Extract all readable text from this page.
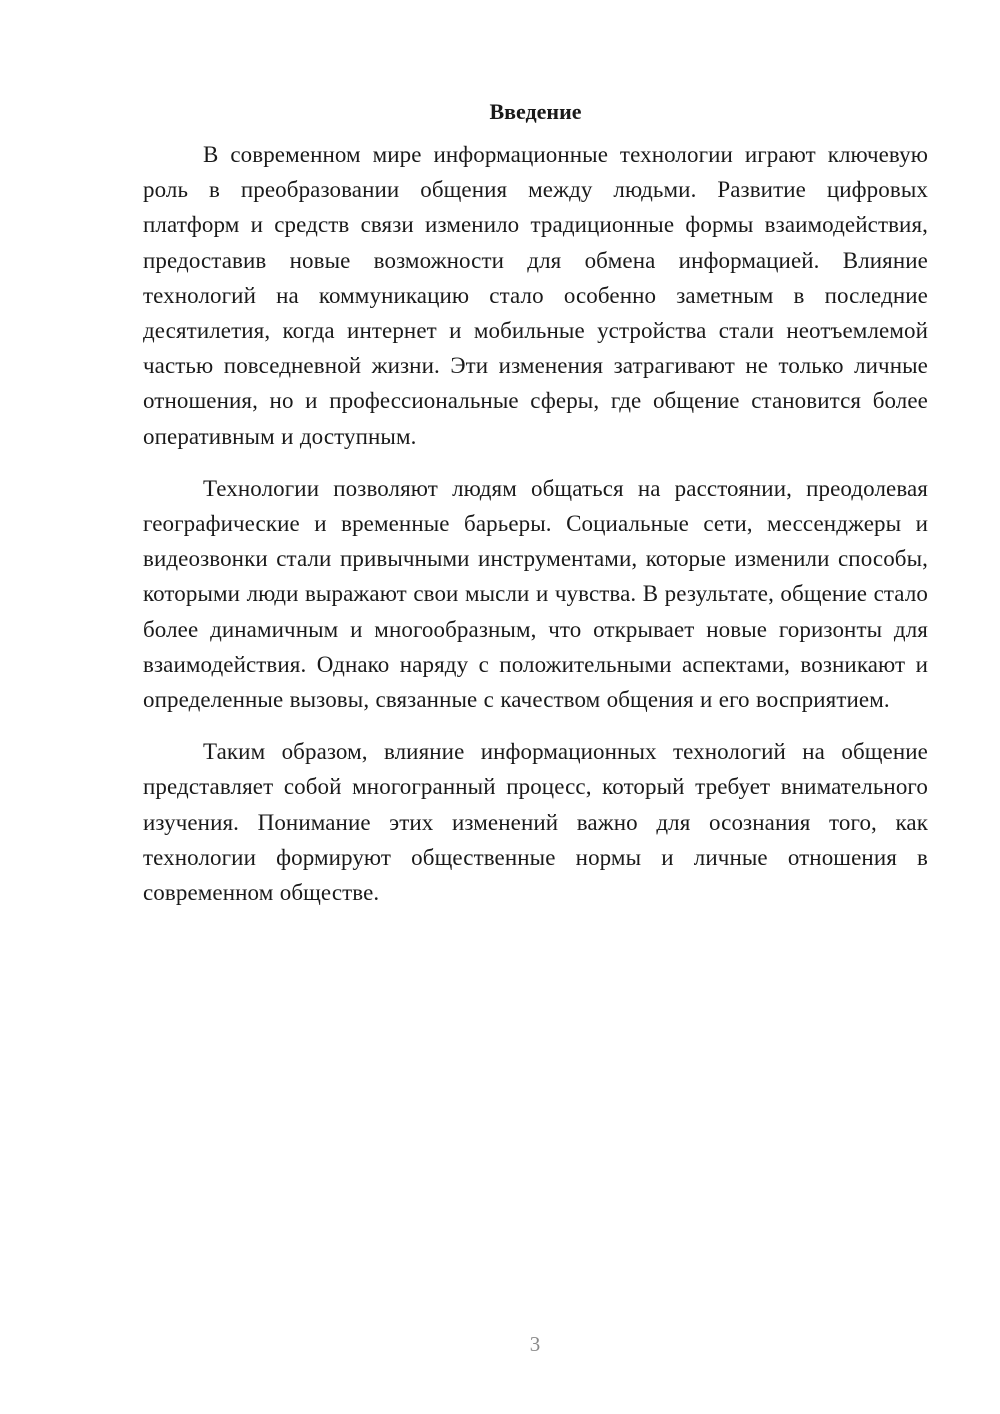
Введение

В современном мире информационные технологии играют ключевую роль в преобразовании общения между людьми. Развитие цифровых платформ и средств связи изменило традиционные формы взаимодействия, предоставив новые возможности для обмена информацией. Влияние технологий на коммуникацию стало особенно заметным в последние десятилетия, когда интернет и мобильные устройства стали неотъемлемой частью повседневной жизни. Эти изменения затрагивают не только личные отношения, но и профессиональные сферы, где общение становится более оперативным и доступным.

Технологии позволяют людям общаться на расстоянии, преодолевая географические и временные барьеры. Социальные сети, мессенджеры и видеозвонки стали привычными инструментами, которые изменили способы, которыми люди выражают свои мысли и чувства. В результате, общение стало более динамичным и многообразным, что открывает новые горизонты для взаимодействия. Однако наряду с положительными аспектами, возникают и определенные вызовы, связанные с качеством общения и его восприятием.

Таким образом, влияние информационных технологий на общение представляет собой многогранный процесс, который требует внимательного изучения. Понимание этих изменений важно для осознания того, как технологии формируют общественные нормы и личные отношения в современном обществе.

3
